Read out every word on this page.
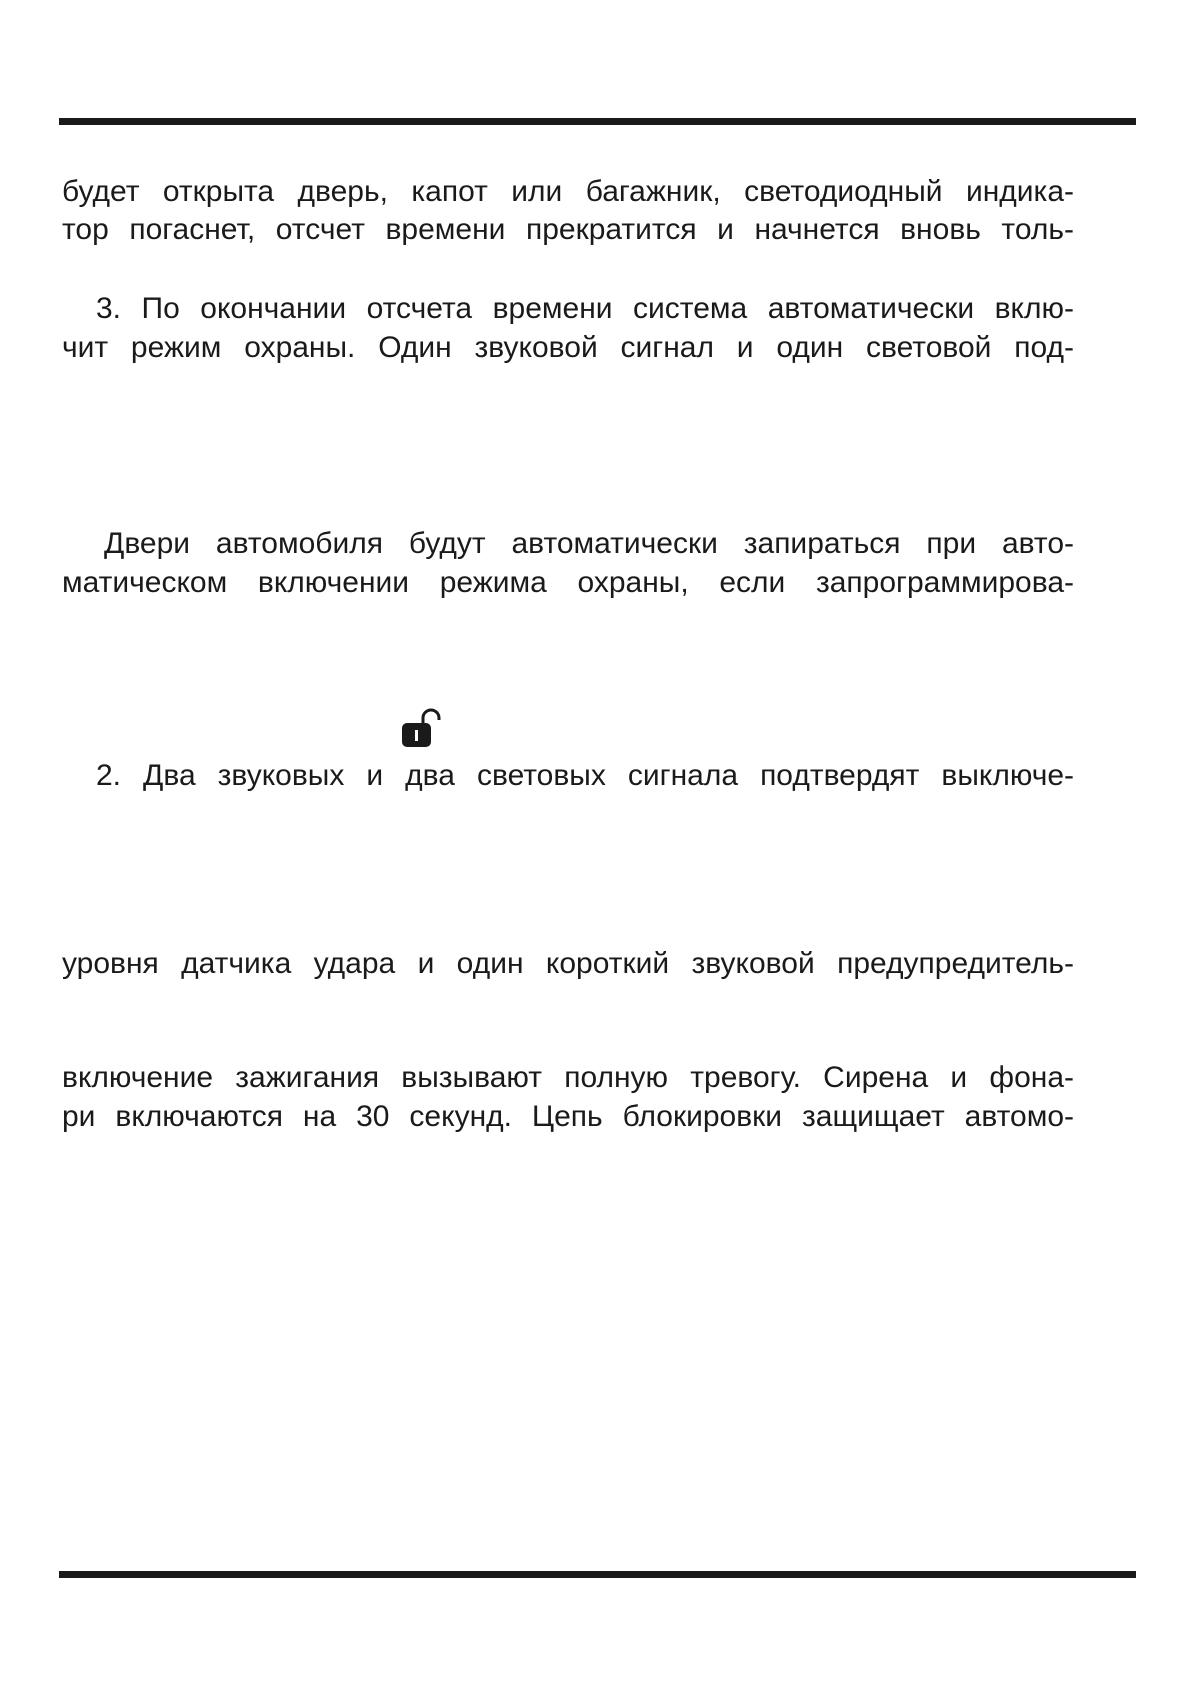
будет открыта дверь, капот или багажник, светодиодный индика-
тор погаснет, отсчет времени прекратится и начнется вновь толь-
3. По окончании отсчета времени система автоматически вклю-
чит режим охраны. Один звуковой сигнал и один световой под-
Двери автомобиля будут автоматически запираться при авто-
матическом включении режима охраны, если запрограммирова-
2. Два звуковых и два световых сигнала подтвердят выключе-
уровня датчика удара и один короткий звуковой предупредитель-
включение зажигания вызывают полную тревогу. Сирена и фона-
ри включаются на 30 секунд. Цепь блокировки защищает автомо-
